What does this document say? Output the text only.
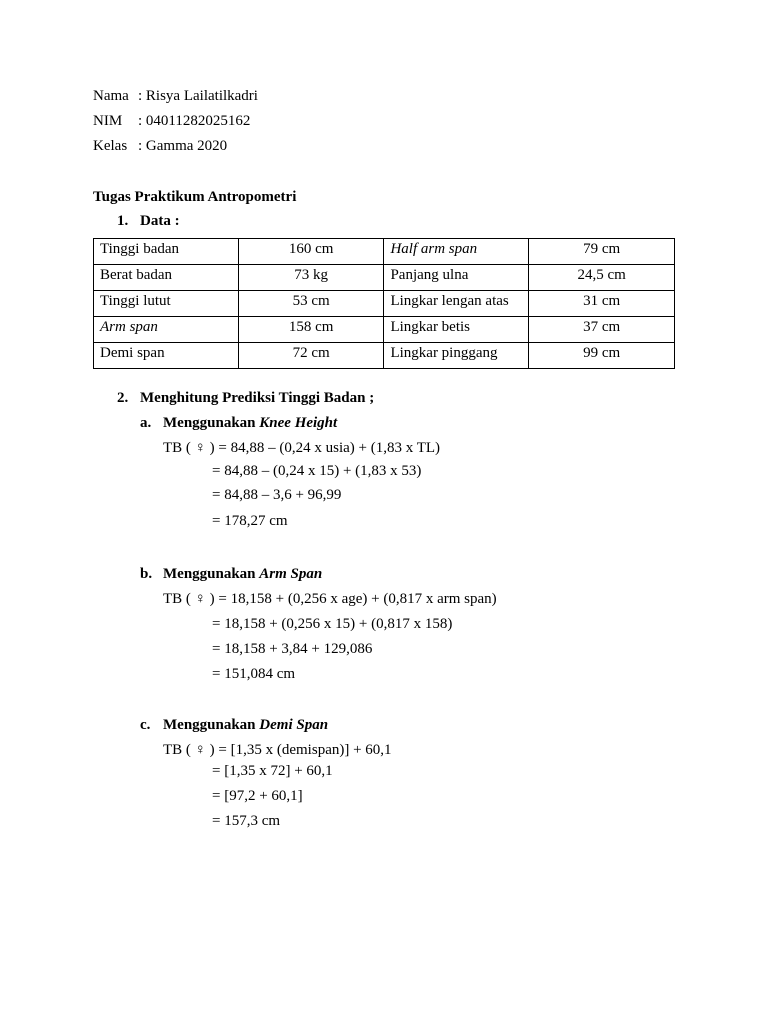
Nama : Risya Lailatilkadri
NIM : 04011282025162
Kelas : Gamma 2020
Tugas Praktikum Antropometri
1. Data :
Tinggi badan	160 cm	Half arm span	79 cm
Berat badan	73 kg	Panjang ulna	24,5 cm
Tinggi lutut	53 cm	Lingkar lengan atas	31 cm
Arm span	158 cm	Lingkar betis	37 cm
Demi span	72 cm	Lingkar pinggang	99 cm
2. Menghitung Prediksi Tinggi Badan ;
a. Menggunakan Knee Height
TB ( ♀ ) = 84,88 – (0,24 x usia) + (1,83 x TL)
= 84,88 – (0,24 x 15) + (1,83 x 53)
= 84,88 – 3,6 + 96,99
= 178,27 cm
b. Menggunakan Arm Span
TB ( ♀ ) = 18,158 + (0,256 x age) + (0,817 x arm span)
= 18,158 + (0,256 x 15) + (0,817 x 158)
= 18,158 + 3,84 + 129,086
= 151,084 cm
c. Menggunakan Demi Span
TB ( ♀ ) = [1,35 x (demispan)] + 60,1
= [1,35 x 72] + 60,1
= [97,2 + 60,1]
= 157,3 cm
